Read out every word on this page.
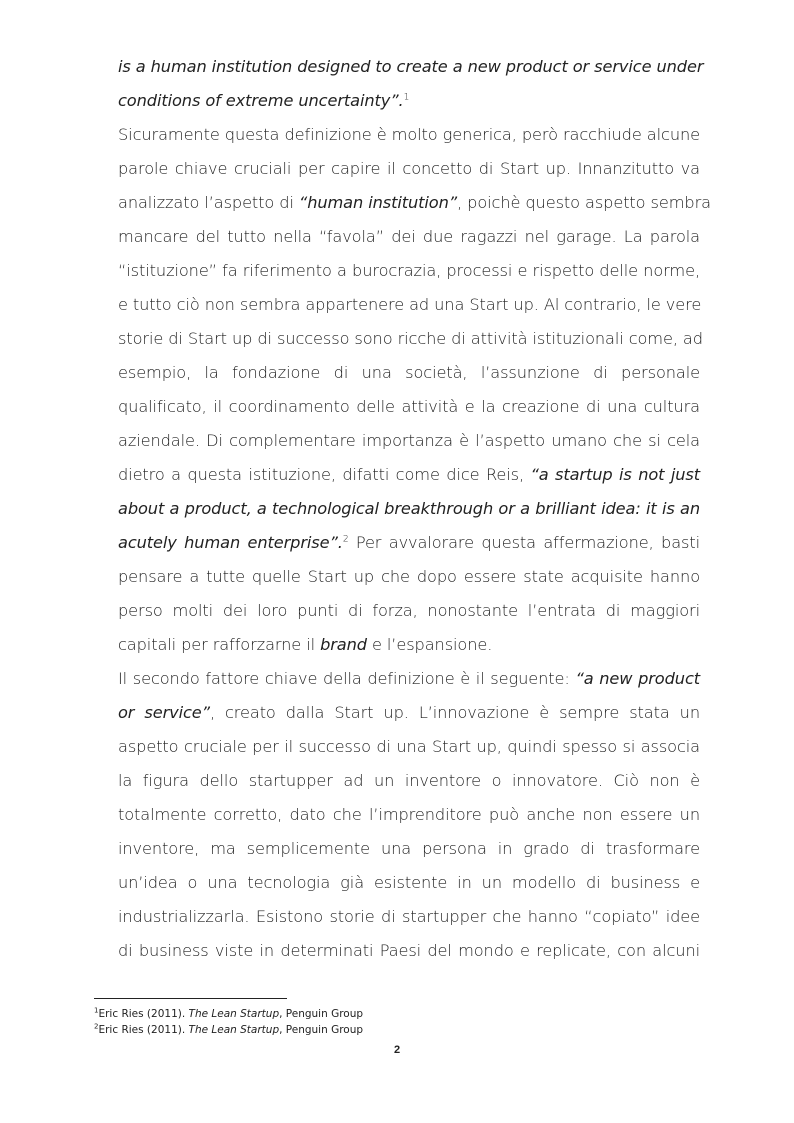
is a human institution designed to create a new product or service under
conditions of extreme uncertainty”.$^1$
Sicuramente questa definizione è molto generica, però racchiude alcune
parole chiave cruciali per capire il concetto di Start up. Innanzitutto va
analizzato l’aspetto di “human institution”, poichè questo aspetto sembra
mancare del tutto nella “favola” dei due ragazzi nel garage. La parola
“istituzione” fa riferimento a burocrazia, processi e rispetto delle norme,
e tutto ciò non sembra appartenere ad una Start up. Al contrario, le vere
storie di Start up di successo sono ricche di attività istituzionali come, ad
esempio, la fondazione di una società, l’assunzione di personale
qualificato, il coordinamento delle attività e la creazione di una cultura
aziendale. Di complementare importanza è l’aspetto umano che si cela
dietro a questa istituzione, difatti come dice Reis, “a startup is not just
about a product, a technological breakthrough or a brilliant idea: it is an
acutely human enterprise”.$^2$ Per avvalorare questa affermazione, basti
pensare a tutte quelle Start up che dopo essere state acquisite hanno
perso molti dei loro punti di forza, nonostante l’entrata di maggiori
capitali per rafforzarne il brand e l’espansione.
Il secondo fattore chiave della definizione è il seguente: “a new product
or service”, creato dalla Start up. L’innovazione è sempre stata un
aspetto cruciale per il successo di una Start up, quindi spesso si associa
la figura dello startupper ad un inventore o innovatore. Ciò non è
totalmente corretto, dato che l’imprenditore può anche non essere un
inventore, ma semplicemente una persona in grado di trasformare
un’idea o una tecnologia già esistente in un modello di business e
industrializzarla. Esistono storie di startupper che hanno “copiato” idee
di business viste in determinati Paesi del mondo e replicate, con alcuni
$^1$Eric Ries (2011). The Lean Startup, Penguin Group
$^2$Eric Ries (2011). The Lean Startup, Penguin Group
2
